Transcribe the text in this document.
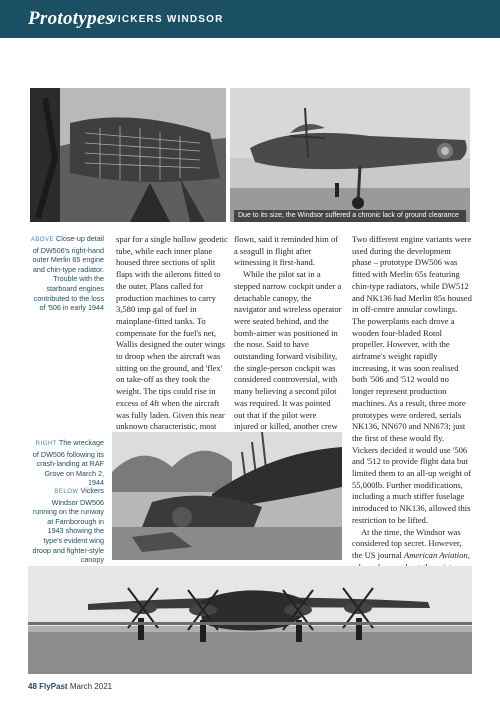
Prototypes
VICKERS WINDSOR
Due to its size, the Windsor suffered a chronic lack of ground clearance
ABOVE Close-up detail of DW506's right-hand outer Merlin 65 engine and chin-type radiator. Trouble with the starboard engines contributed to the loss of '506 in early 1944
RIGHT The wreckage of DW506 following its crash-landing at RAF Grove on March 2, 1944
BELOW Vickers Windsor DW506 running on the runway at Farnborough in 1943 showing the type's evident wing droop and fighter-style canopy

spar for a single hollow geodetic tube, while each inner plane housed three sections of split flaps with the ailerons fitted to the outer. Plans called for production machines to carry 3,580 imp gal of fuel in mainplane-fitted tanks. To compensate for the fuel's net, Wallis designed the outer wings to droop when the aircraft was sitting on the ground, and 'flex' on take-off as they took the weight. The tips could rise in excess of 4ft when the aircraft was fully laden. Given this near unknown characteristic, most

flown, said it reminded him of a seagull in flight after witnessing it first-hand.

While the pilot sat in a stepped narrow cockpit under a detachable canopy, the navigator and wireless operator were seated behind, and the bomb-aimer was positioned in the nose. Said to have outstanding forward visibility, the single-person cockpit was considered controversial, with many believing a second pilot was required. It was pointed out that if the pilot were injured or killed, another crew

Two different engine variants were used during the development phase – prototype DW506 was fitted with Merlin 65s featuring chin-type radiators, while DW512 and NK136 had Merlin 85s housed in off-centre annular cowlings. The powerplants each drove a wooden four-bladed Rotol propeller. However, with the airframe's weight rapidly increasing, it was soon realised both '506 and '512 would no longer represent production machines. As a result, three more prototypes were ordered, serials NK136, NN670 and NN673; just the first of these would fly. Vickers decided it would use '506 and '512 to provide flight data but limited them to an all-up weight of 55,000lb. Further modifications, including a much stiffer fuselage introduced to NK136, allowed this restriction to be lifted.

At the time, the Windsor was considered top secret. However, the US journal American Aviation,

48 FlyPast March 2021
